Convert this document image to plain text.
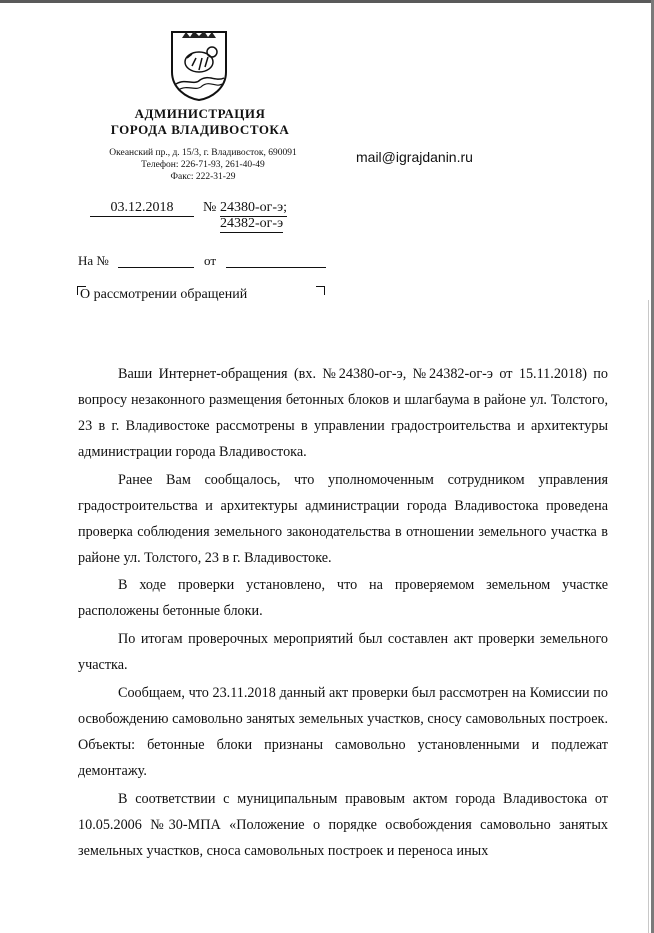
АДМИНИСТРАЦИЯ
ГОРОДА ВЛАДИВОСТОКА
Океанский пр., д. 15/3, г. Владивосток, 690091
Телефон: 226-71-93, 261-40-49
Факс: 222-31-29
mail@igrajdanin.ru
03.12.2018	№ 24380-ог-э;
24382-ог-э
На №	от
О рассмотрении обращений

Ваши Интернет-обращения (вх. №24380-ог-э, №24382-ог-э от 15.11.2018) по вопросу незаконного размещения бетонных блоков и шлагбаума в районе ул. Толстого, 23 в г. Владивостоке рассмотрены в управлении градостроительства и архитектуры администрации города Владивостока.

Ранее Вам сообщалось, что уполномоченным сотрудником управления градостроительства и архитектуры администрации города Владивостока проведена проверка соблюдения земельного законодательства в отношении земельного участка в районе ул. Толстого, 23 в г. Владивостоке.

В ходе проверки установлено, что на проверяемом земельном участке расположены бетонные блоки.

По итогам проверочных мероприятий был составлен акт проверки земельного участка.

Сообщаем, что 23.11.2018 данный акт проверки был рассмотрен на Комиссии по освобождению самовольно занятых земельных участков, сносу самовольных построек. Объекты: бетонные блоки признаны самовольно установленными и подлежат демонтажу.

В соответствии с муниципальным правовым актом города Владивостока от 10.05.2006 №30-МПА «Положение о порядке освобождения самовольно занятых земельных участков, сноса самовольных построек и переноса иных
